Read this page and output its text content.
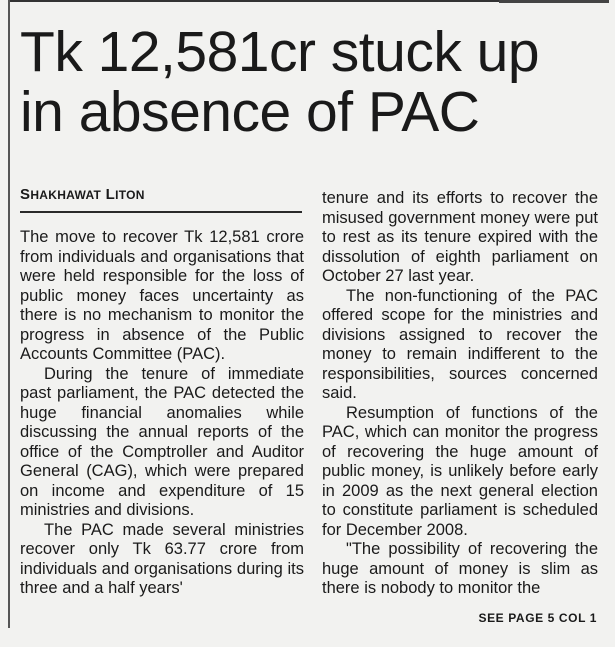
Tk 12,581cr stuck up
in absence of PAC
SHAKHAWAT LITON

The move to recover Tk 12,581 crore from individuals and organisations that were held responsible for the loss of public money faces uncertainty as there is no mechanism to monitor the progress in absence of the Public Accounts Committee (PAC).

During the tenure of immediate past parliament, the PAC detected the huge financial anomalies while discussing the annual reports of the office of the Comptroller and Auditor General (CAG), which were prepared on income and expenditure of 15 ministries and divisions.

The PAC made several ministries recover only Tk 63.77 crore from individuals and organisations during its three and a half years'

tenure and its efforts to recover the misused government money were put to rest as its tenure expired with the dissolution of eighth parliament on October 27 last year.

The non-functioning of the PAC offered scope for the ministries and divisions assigned to recover the money to remain indifferent to the responsibilities, sources concerned said.

Resumption of functions of the PAC, which can monitor the progress of recovering the huge amount of public money, is unlikely before early in 2009 as the next general election to constitute parliament is scheduled for December 2008.

"The possibility of recovering the huge amount of money is slim as there is nobody to monitor the

SEE PAGE 5 COL 1
